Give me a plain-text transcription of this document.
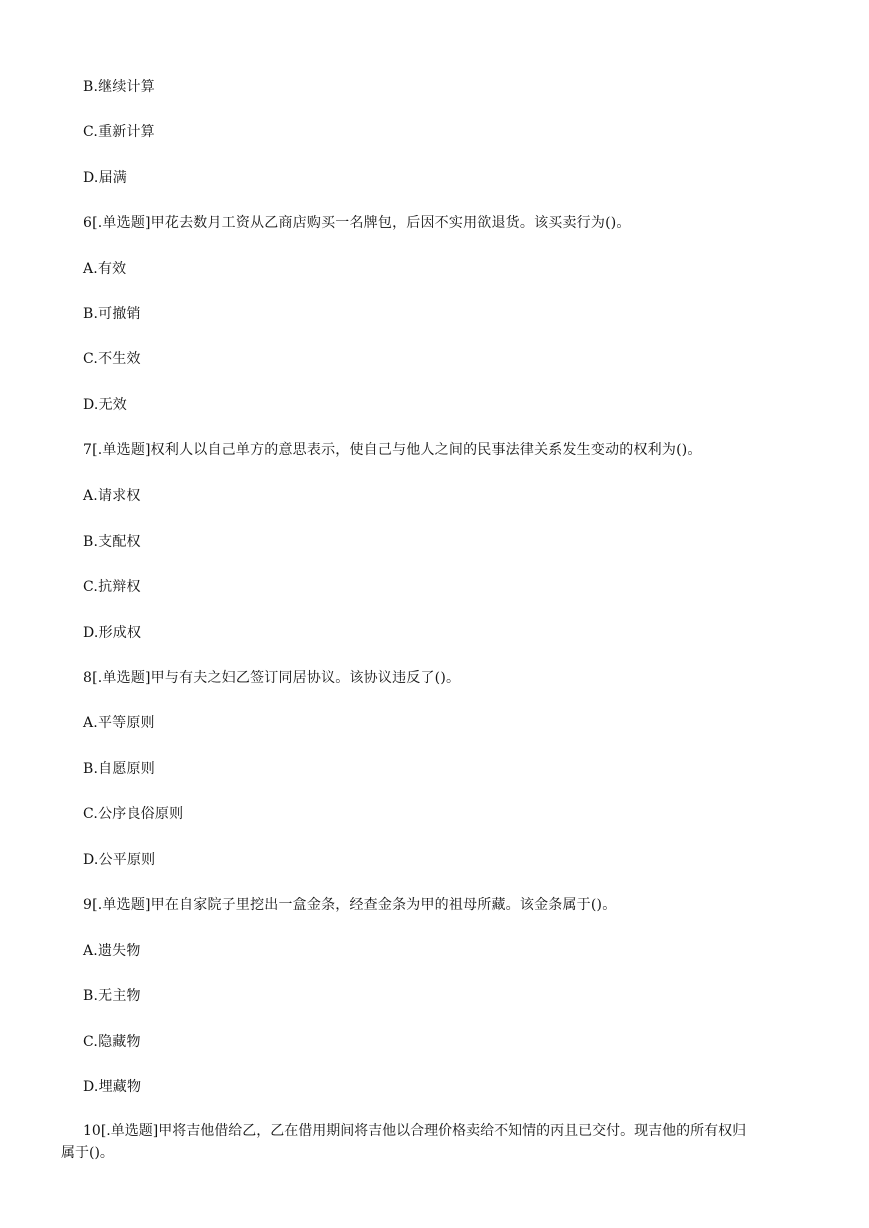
B.继续计算
C.重新计算
D.届满
6[.单选题]甲花去数月工资从乙商店购买一名牌包，后因不实用欲退货。该买卖行为()。
A.有效
B.可撤销
C.不生效
D.无效
7[.单选题]权利人以自己单方的意思表示，使自己与他人之间的民事法律关系发生变动的权利为()。
A.请求权
B.支配权
C.抗辩权
D.形成权
8[.单选题]甲与有夫之妇乙签订同居协议。该协议违反了()。
A.平等原则
B.自愿原则
C.公序良俗原则
D.公平原则
9[.单选题]甲在自家院子里挖出一盒金条，经查金条为甲的祖母所藏。该金条属于()。
A.遗失物
B.无主物
C.隐藏物
D.埋藏物
10[.单选题]甲将吉他借给乙，乙在借用期间将吉他以合理价格卖给不知情的丙且已交付。现吉他的所有权归
属于()。
